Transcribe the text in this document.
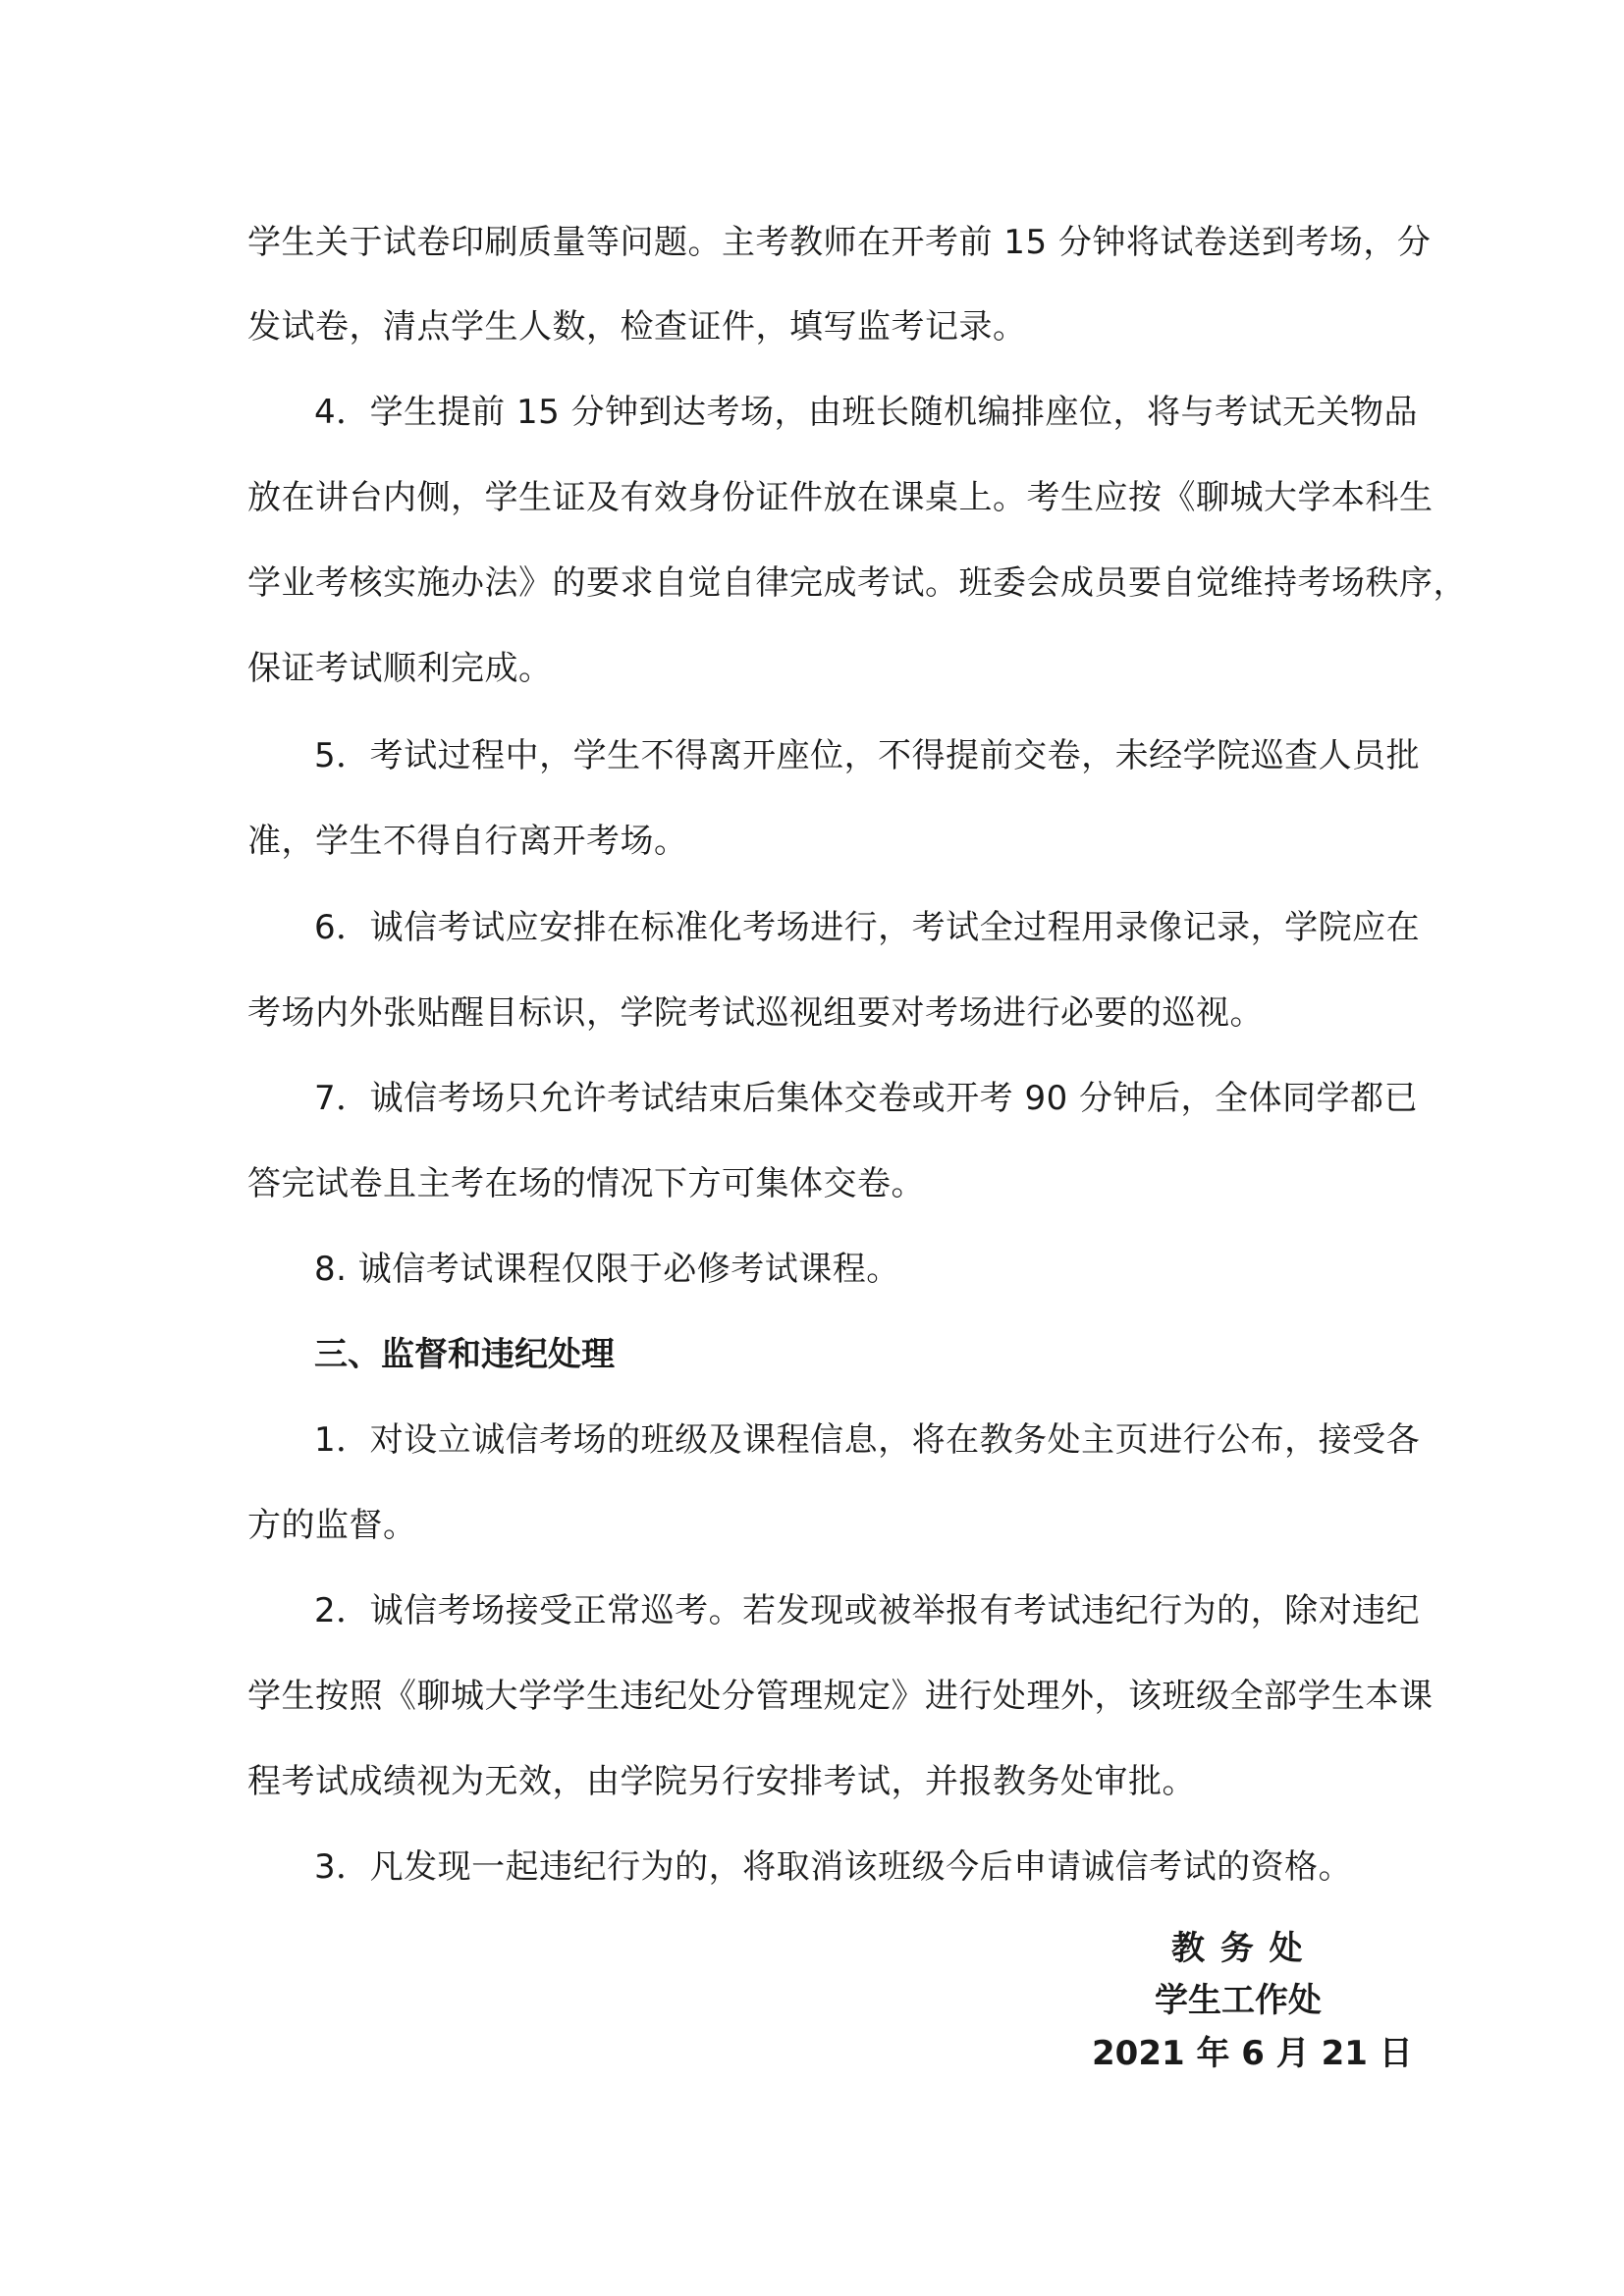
学生关于试卷印刷质量等问题。主考教师在开考前 15 分钟将试卷送到考场，分
发试卷，清点学生人数，检查证件，填写监考记录。
4．学生提前 15 分钟到达考场，由班长随机编排座位，将与考试无关物品
放在讲台内侧，学生证及有效身份证件放在课桌上。考生应按《聊城大学本科生
学业考核实施办法》的要求自觉自律完成考试。班委会成员要自觉维持考场秩序，
保证考试顺利完成。
5．考试过程中，学生不得离开座位，不得提前交卷，未经学院巡查人员批
准，学生不得自行离开考场。
6．诚信考试应安排在标准化考场进行，考试全过程用录像记录，学院应在
考场内外张贴醒目标识，学院考试巡视组要对考场进行必要的巡视。
7．诚信考场只允许考试结束后集体交卷或开考 90 分钟后，全体同学都已
答完试卷且主考在场的情况下方可集体交卷。
8. 诚信考试课程仅限于必修考试课程。
三、监督和违纪处理
1．对设立诚信考场的班级及课程信息，将在教务处主页进行公布，接受各
方的监督。
2．诚信考场接受正常巡考。若发现或被举报有考试违纪行为的，除对违纪
学生按照《聊城大学学生违纪处分管理规定》进行处理外，该班级全部学生本课
程考试成绩视为无效，由学院另行安排考试，并报教务处审批。
3．凡发现一起违纪行为的，将取消该班级今后申请诚信考试的资格。
教 务 处
学生工作处
2021 年 6 月 21 日
